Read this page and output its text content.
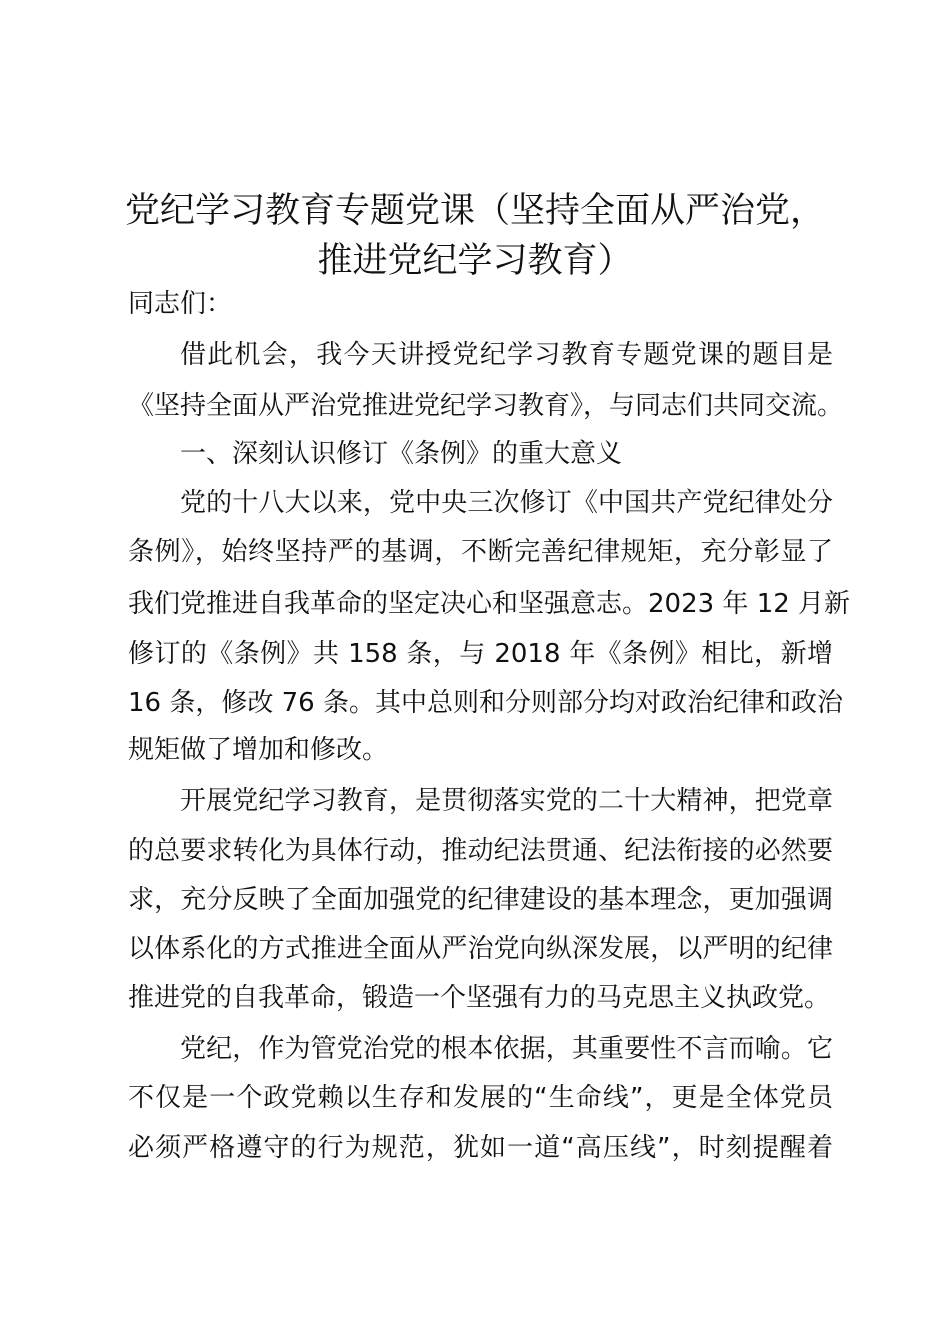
党纪学习教育专题党课（坚持全面从严治党，
推进党纪学习教育）
同志们：
借此机会，我今天讲授党纪学习教育专题党课的题目是
《坚持全面从严治党推进党纪学习教育》，与同志们共同交流。
一、深刻认识修订《条例》的重大意义
党的十八大以来，党中央三次修订《中国共产党纪律处分
条例》，始终坚持严的基调，不断完善纪律规矩，充分彰显了
我们党推进自我革命的坚定决心和坚强意志。2023 年 12 月新
修订的《条例》共 158 条，与 2018 年《条例》相比，新增
16 条，修改 76 条。其中总则和分则部分均对政治纪律和政治
规矩做了增加和修改。
开展党纪学习教育，是贯彻落实党的二十大精神，把党章
的总要求转化为具体行动，推动纪法贯通、纪法衔接的必然要
求，充分反映了全面加强党的纪律建设的基本理念，更加强调
以体系化的方式推进全面从严治党向纵深发展，以严明的纪律
推进党的自我革命，锻造一个坚强有力的马克思主义执政党。
党纪，作为管党治党的根本依据，其重要性不言而喻。它
不仅是一个政党赖以生存和发展的“生命线”，更是全体党员
必须严格遵守的行为规范，犹如一道“高压线”，时刻提醒着
